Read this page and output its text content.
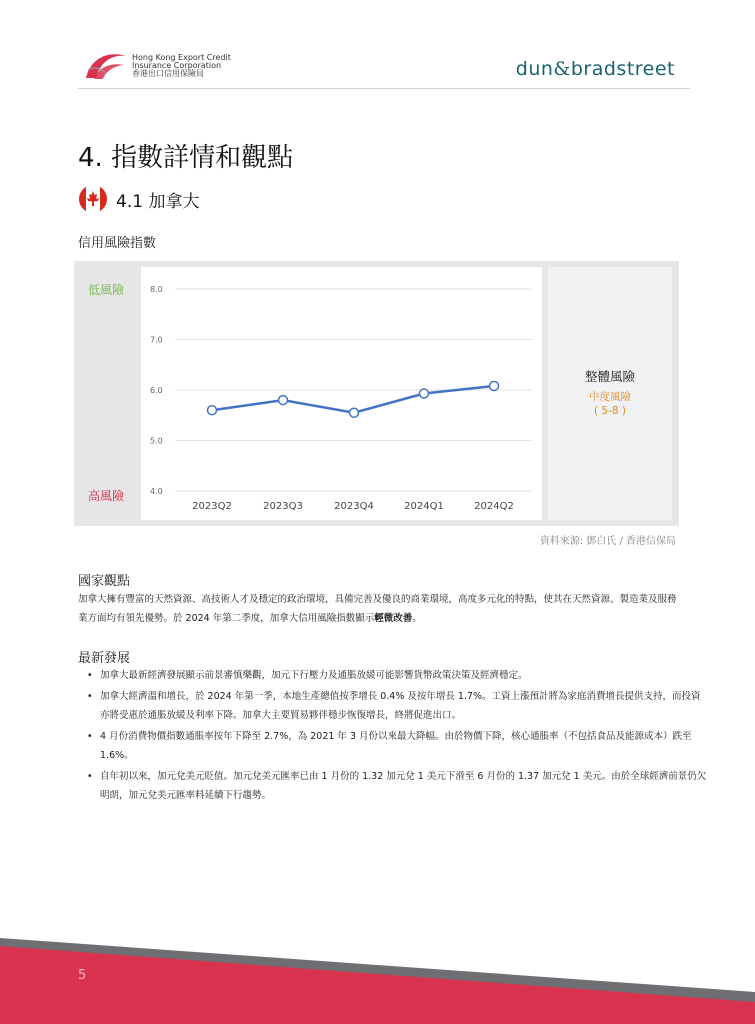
Hong Kong Export Credit
Insurance Corporation
香港出口信用保險局	dun&bradstreet
4. 指數詳情和觀點
4.1 加拿大
信用風險指數
低風險
高風險
8.0
7.0
6.0
5.0
4.0
2023Q2	2023Q3	2023Q4	2024Q1	2024Q2
整體風險
中度風險
( 5-8 )
資料來源: 鄧白氏 / 香港信保局
國家觀點
加拿大擁有豐富的天然資源、高技術人才及穩定的政治環境，具備完善及優良的商業環境，高度多元化的特點，使其在天然資源、製造業及服務業方面均有領先優勢。於 2024 年第二季度，加拿大信用風險指數顯示輕微改善。
最新發展
• 加拿大最新經濟發展顯示前景審慎樂觀，加元下行壓力及通脹放緩可能影響貨幣政策決策及經濟穩定。
• 加拿大經濟溫和增長，於 2024 年第一季，本地生產總值按季增長 0.4% 及按年增長 1.7%。工資上漲預計將為家庭消費增長提供支持，而投資亦將受惠於通脹放緩及利率下降。加拿大主要貿易夥伴穩步恢復增長，終將促進出口。
• 4 月份消費物價指數通脹率按年下降至 2.7%，為 2021 年 3 月份以來最大降幅。由於物價下降，核心通脹率（不包括食品及能源成本）跌至 1.6%。
• 自年初以來，加元兌美元貶值。加元兌美元匯率已由 1 月份的 1.32 加元兌 1 美元下滑至 6 月份的 1.37 加元兌 1 美元。由於全球經濟前景仍欠明朗，加元兌美元匯率料延續下行趨勢。
5
